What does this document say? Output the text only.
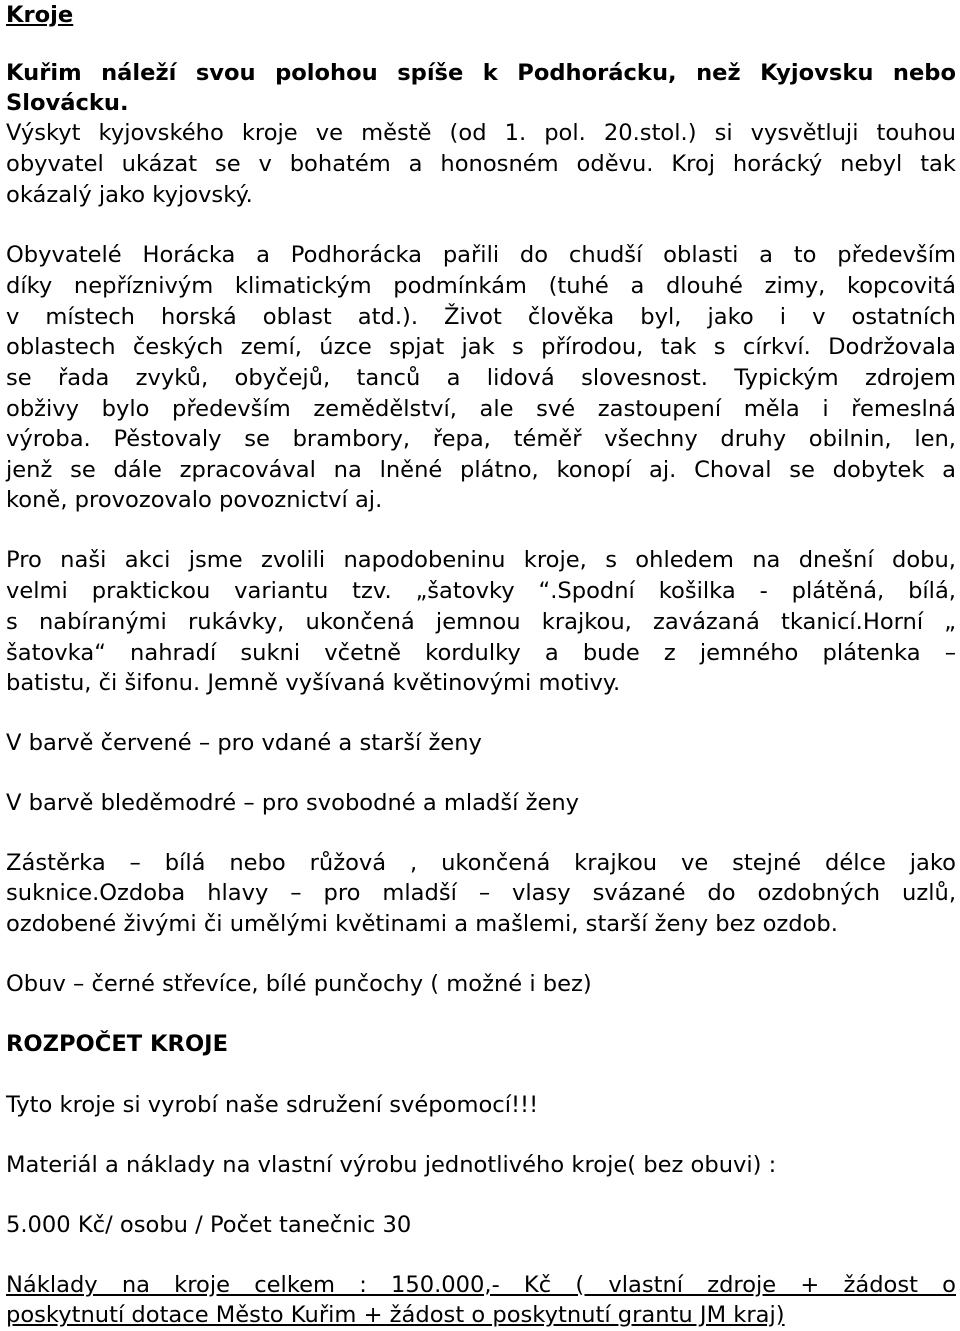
Kroje
Kuřim náleží svou polohou spíše k Podhorácku, než Kyjovsku nebo
Slovácku.
Výskyt kyjovského kroje ve městě (od 1. pol. 20.stol.) si vysvětluji touhou
obyvatel ukázat se v bohatém a honosném oděvu. Kroj horácký nebyl tak
okázalý jako kyjovský.
Obyvatelé Horácka a Podhorácka pařili do chudší oblasti a to především
díky nepříznivým klimatickým podmínkám (tuhé a dlouhé zimy, kopcovitá
v místech horská oblast atd.). Život člověka byl, jako i v ostatních
oblastech českých zemí, úzce spjat jak s přírodou, tak s církví. Dodržovala
se řada zvyků, obyčejů, tanců a lidová slovesnost. Typickým zdrojem
obživy bylo především zemědělství, ale své zastoupení měla i řemeslná
výroba. Pěstovaly se brambory, řepa, téměř všechny druhy obilnin, len,
jenž se dále zpracovával na lněné plátno, konopí aj. Choval se dobytek a
koně, provozovalo povoznictví aj.
Pro naši akci jsme zvolili napodobeninu kroje, s ohledem na dnešní dobu,
velmi praktickou variantu tzv. „šatovky “.Spodní košilka - plátěná, bílá,
s nabíranými rukávky, ukončená jemnou krajkou, zavázaná tkanicí.Horní „
šatovka“ nahradí sukni včetně kordulky a bude z jemného plátenka –
batistu, či šifonu. Jemně vyšívaná květinovými motivy.
V barvě červené – pro vdané a starší ženy
V barvě bleděmodré – pro svobodné a mladší ženy
Zástěrka – bílá nebo růžová , ukončená krajkou ve stejné délce jako
suknice.Ozdoba hlavy – pro mladší – vlasy svázané do ozdobných uzlů,
ozdobené živými či umělými květinami a mašlemi, starší ženy bez ozdob.
Obuv – černé střevíce, bílé punčochy ( možné i bez)
ROZPOČET KROJE
Tyto kroje si vyrobí naše sdružení svépomocí!!!
Materiál a náklady na vlastní výrobu jednotlivého kroje( bez obuvi) :
5.000 Kč/ osobu / Počet tanečnic 30
Náklady na kroje celkem : 150.000,- Kč ( vlastní zdroje + žádost o
poskytnutí dotace Město Kuřim + žádost o poskytnutí grantu JM kraj)
